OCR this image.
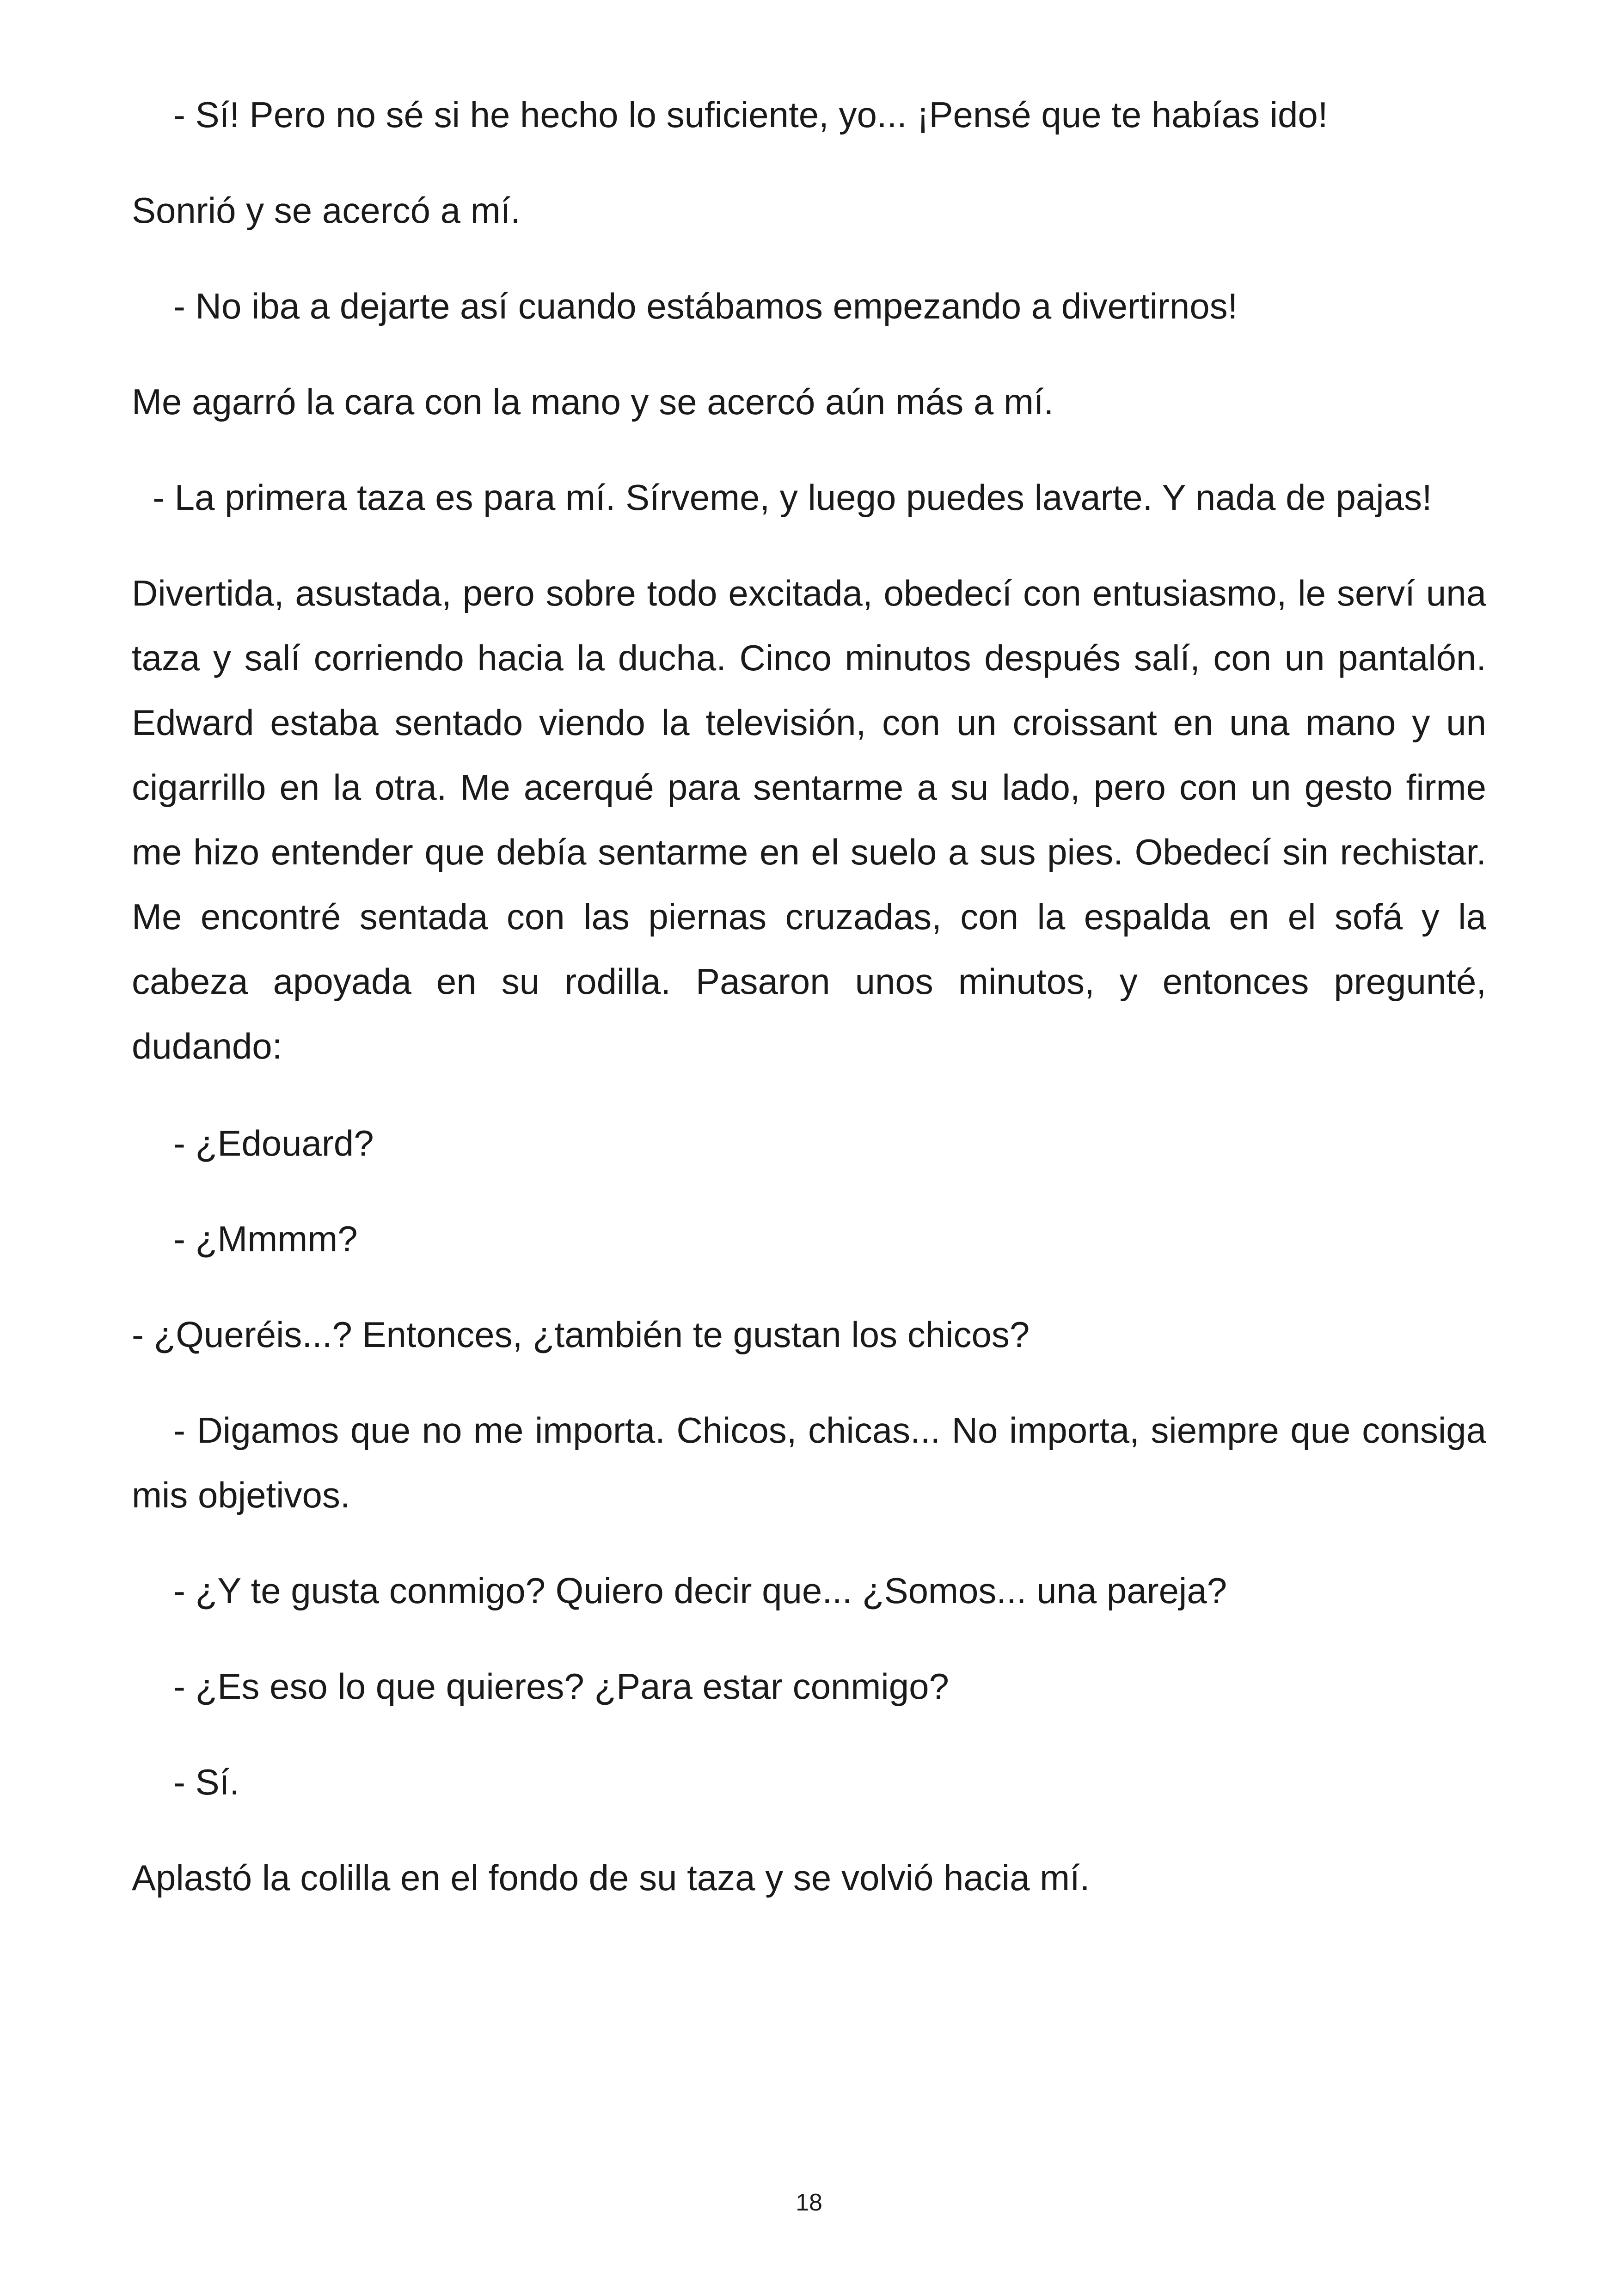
- Sí! Pero no sé si he hecho lo suficiente, yo... ¡Pensé que te habías ido!

Sonrió y se acercó a mí.

- No iba a dejarte así cuando estábamos empezando a divertirnos!

Me agarró la cara con la mano y se acercó aún más a mí.

- La primera taza es para mí. Sírveme, y luego puedes lavarte. Y nada de pajas!

Divertida, asustada, pero sobre todo excitada, obedecí con entusiasmo, le serví una taza y salí corriendo hacia la ducha. Cinco minutos después salí, con un pantalón. Edward estaba sentado viendo la televisión, con un croissant en una mano y un cigarrillo en la otra. Me acerqué para sentarme a su lado, pero con un gesto firme me hizo entender que debía sentarme en el suelo a sus pies. Obedecí sin rechistar. Me encontré sentada con las piernas cruzadas, con la espalda en el sofá y la cabeza apoyada en su rodilla. Pasaron unos minutos, y entonces pregunté, dudando:

- ¿Edouard?

- ¿Mmmm?

- ¿Queréis...? Entonces, ¿también te gustan los chicos?

- Digamos que no me importa. Chicos, chicas... No importa, siempre que consiga mis objetivos.

- ¿Y te gusta conmigo? Quiero decir que... ¿Somos... una pareja?

- ¿Es eso lo que quieres? ¿Para estar conmigo?

- Sí.

Aplastó la colilla en el fondo de su taza y se volvió hacia mí.

18
